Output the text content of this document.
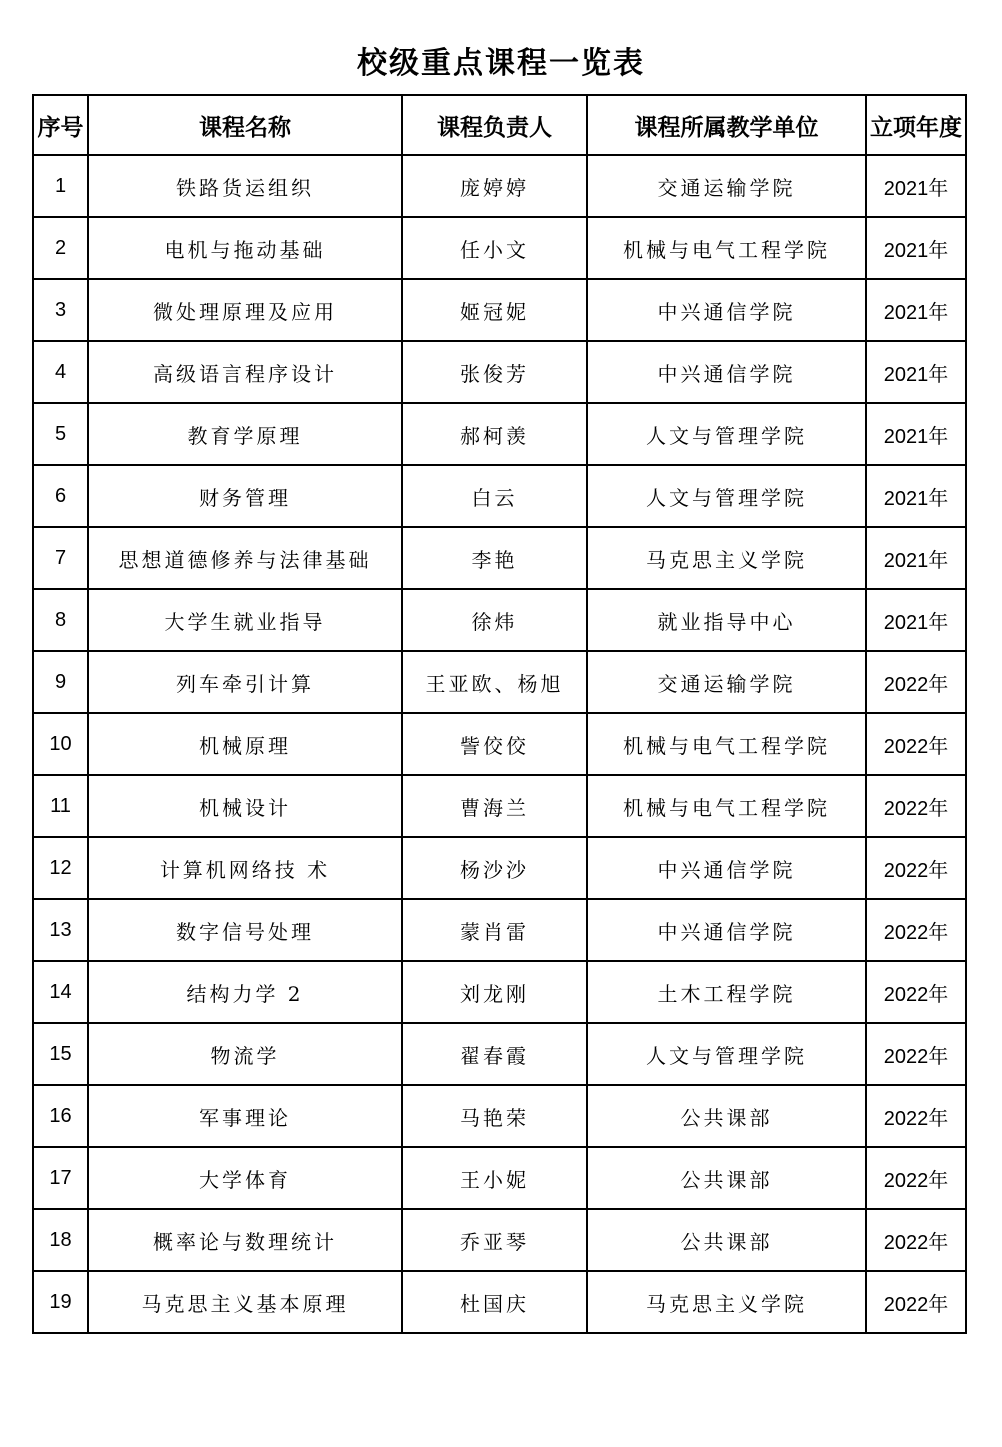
校级重点课程一览表
序号	课程名称	课程负责人	课程所属教学单位	立项年度
1	铁路货运组织	庞婷婷	交通运输学院	2021年
2	电机与拖动基础	任小文	机械与电气工程学院	2021年
3	微处理原理及应用	姬冠妮	中兴通信学院	2021年
4	高级语言程序设计	张俊芳	中兴通信学院	2021年
5	教育学原理	郝柯羡	人文与管理学院	2021年
6	财务管理	白云	人文与管理学院	2021年
7	思想道德修养与法律基础	李艳	马克思主义学院	2021年
8	大学生就业指导	徐炜	就业指导中心	2021年
9	列车牵引计算	王亚欧、杨旭	交通运输学院	2022年
10	机械原理	訾佼佼	机械与电气工程学院	2022年
11	机械设计	曹海兰	机械与电气工程学院	2022年
12	计算机网络技 术	杨沙沙	中兴通信学院	2022年
13	数字信号处理	蒙肖雷	中兴通信学院	2022年
14	结构力学 2	刘龙刚	土木工程学院	2022年
15	物流学	翟春霞	人文与管理学院	2022年
16	军事理论	马艳荣	公共课部	2022年
17	大学体育	王小妮	公共课部	2022年
18	概率论与数理统计	乔亚琴	公共课部	2022年
19	马克思主义基本原理	杜国庆	马克思主义学院	2022年
